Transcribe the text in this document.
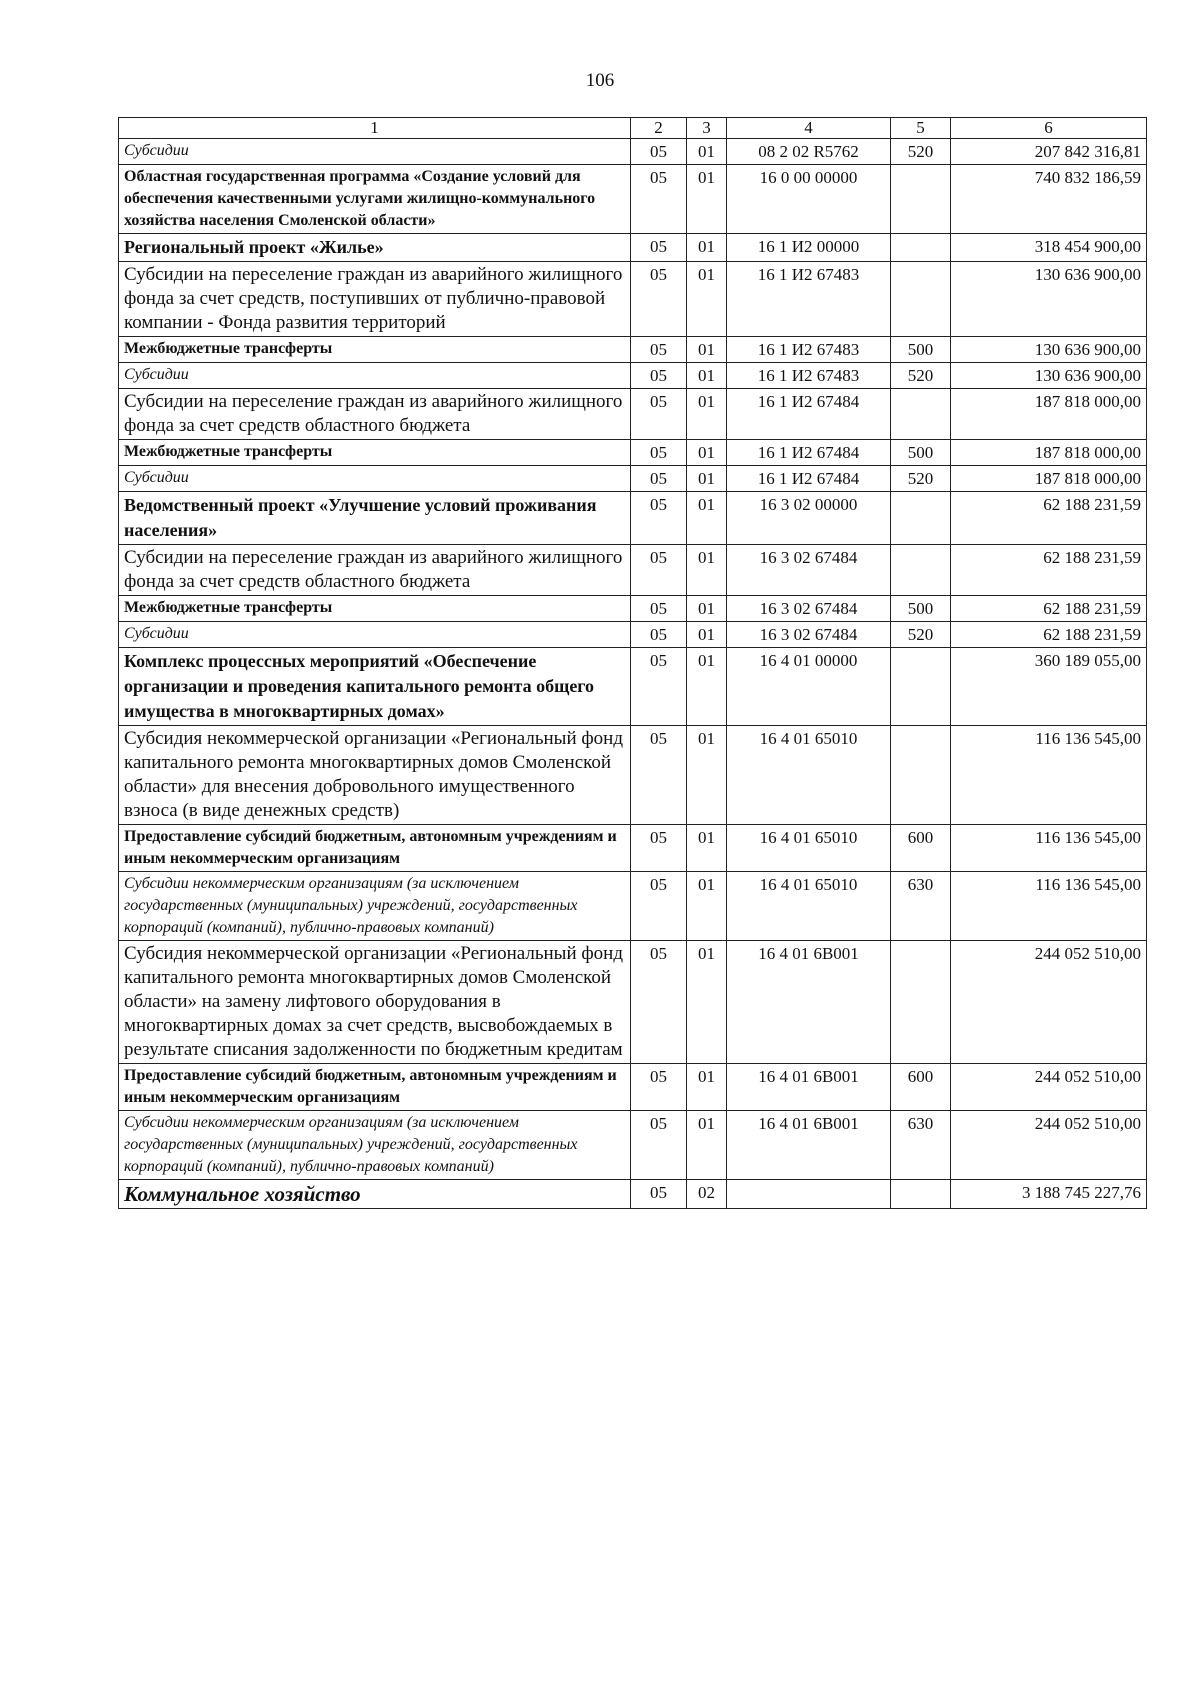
106
1	2	3	4	5	6
Субсидии	05	01	08 2 02 R5762	520	207 842 316,81
Областная государственная программа «Создание условий для обеспечения качественными услугами жилищно-коммунального хозяйства населения Смоленской области»	05	01	16 0 00 00000		740 832 186,59
Региональный проект «Жилье»	05	01	16 1 И2 00000		318 454 900,00
Субсидии на переселение граждан из аварийного жилищного фонда за счет средств, поступивших от публично-правовой компании - Фонда развития территорий	05	01	16 1 И2 67483		130 636 900,00
Межбюджетные трансферты	05	01	16 1 И2 67483	500	130 636 900,00
Субсидии	05	01	16 1 И2 67483	520	130 636 900,00
Субсидии на переселение граждан из аварийного жилищного фонда за счет средств областного бюджета	05	01	16 1 И2 67484		187 818 000,00
Межбюджетные трансферты	05	01	16 1 И2 67484	500	187 818 000,00
Субсидии	05	01	16 1 И2 67484	520	187 818 000,00
Ведомственный проект «Улучшение условий проживания населения»	05	01	16 3 02 00000		62 188 231,59
Субсидии на переселение граждан из аварийного жилищного фонда за счет средств областного бюджета	05	01	16 3 02 67484		62 188 231,59
Межбюджетные трансферты	05	01	16 3 02 67484	500	62 188 231,59
Субсидии	05	01	16 3 02 67484	520	62 188 231,59
Комплекс процессных мероприятий «Обеспечение организации и проведения капитального ремонта общего имущества в многоквартирных домах»	05	01	16 4 01 00000		360 189 055,00
Субсидия некоммерческой организации «Региональный фонд капитального ремонта многоквартирных домов Смоленской области» для внесения добровольного имущественного взноса (в виде денежных средств)	05	01	16 4 01 65010		116 136 545,00
Предоставление субсидий бюджетным, автономным учреждениям и иным некоммерческим организациям	05	01	16 4 01 65010	600	116 136 545,00
Субсидии некоммерческим организациям (за исключением государственных (муниципальных) учреждений, государственных корпораций (компаний), публично-правовых компаний)	05	01	16 4 01 65010	630	116 136 545,00
Субсидия некоммерческой организации «Региональный фонд капитального ремонта многоквартирных домов Смоленской области» на замену лифтового оборудования в многоквартирных домах за счет средств, высвобождаемых в результате списания задолженности по бюджетным кредитам	05	01	16 4 01 6B001		244 052 510,00
Предоставление субсидий бюджетным, автономным учреждениям и иным некоммерческим организациям	05	01	16 4 01 6B001	600	244 052 510,00
Субсидии некоммерческим организациям (за исключением государственных (муниципальных) учреждений, государственных корпораций (компаний), публично-правовых компаний)	05	01	16 4 01 6B001	630	244 052 510,00
Коммунальное хозяйство	05	02			3 188 745 227,76
